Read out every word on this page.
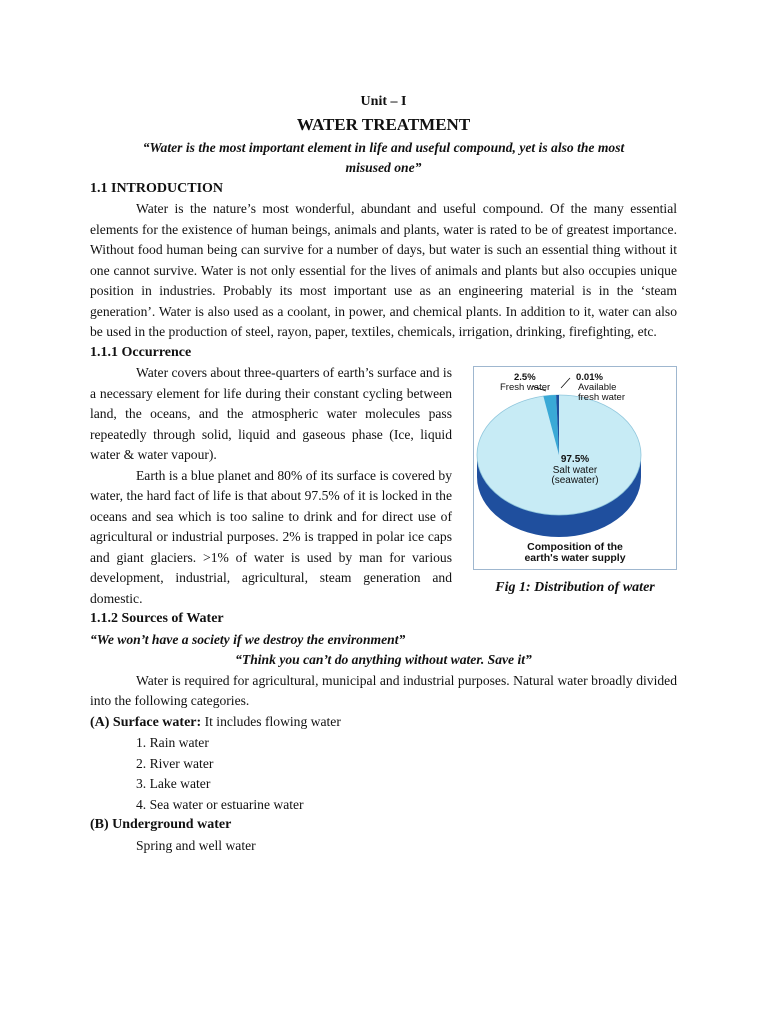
Unit – I
WATER TREATMENT
“Water is the most important element in life and useful compound, yet is also the most misused one”
1.1 INTRODUCTION

Water is the nature’s most wonderful, abundant and useful compound. Of the many essential elements for the existence of human beings, animals and plants, water is rated to be of greatest importance. Without food human being can survive for a number of days, but water is such an essential thing without it one cannot survive. Water is not only essential for the lives of animals and plants but also occupies unique position in industries. Probably its most important use as an engineering material is in the ‘steam generation’. Water is also used as a coolant, in power, and chemical plants. In addition to it, water can also be used in the production of steel, rayon, paper, textiles, chemicals, irrigation, drinking, firefighting, etc.

1.1.1 Occurrence

Water covers about three-quarters of earth’s surface and is a necessary element for life during their constant cycling between land, the oceans, and the atmospheric water molecules pass repeatedly through solid, liquid and gaseous phase (Ice, liquid water & water vapour).

Earth is a blue planet and 80% of its surface is covered by water, the hard fact of life is that about 97.5% of it is locked in the oceans and sea which is too saline to drink and for direct use of agricultural or industrial purposes. 2% is trapped in polar ice caps and giant glaciers. >1% of water is used by man for various development, industrial, agricultural, steam generation and domestic.

2.5%
Fresh water
0.01%
Available
fresh water
97.5%
Salt water
(seawater)
Composition of the
earth's water supply
Fig 1: Distribution of water
1.1.2 Sources of Water
“We won’t have a society if we destroy the environment”
“Think you can’t do anything without water. Save it”

Water is required for agricultural, municipal and industrial purposes. Natural water broadly divided into the following categories.

(A) Surface water: It includes flowing water
1. Rain water
2. River water
3. Lake water
4. Sea water or estuarine water
(B) Underground water
Spring and well water
